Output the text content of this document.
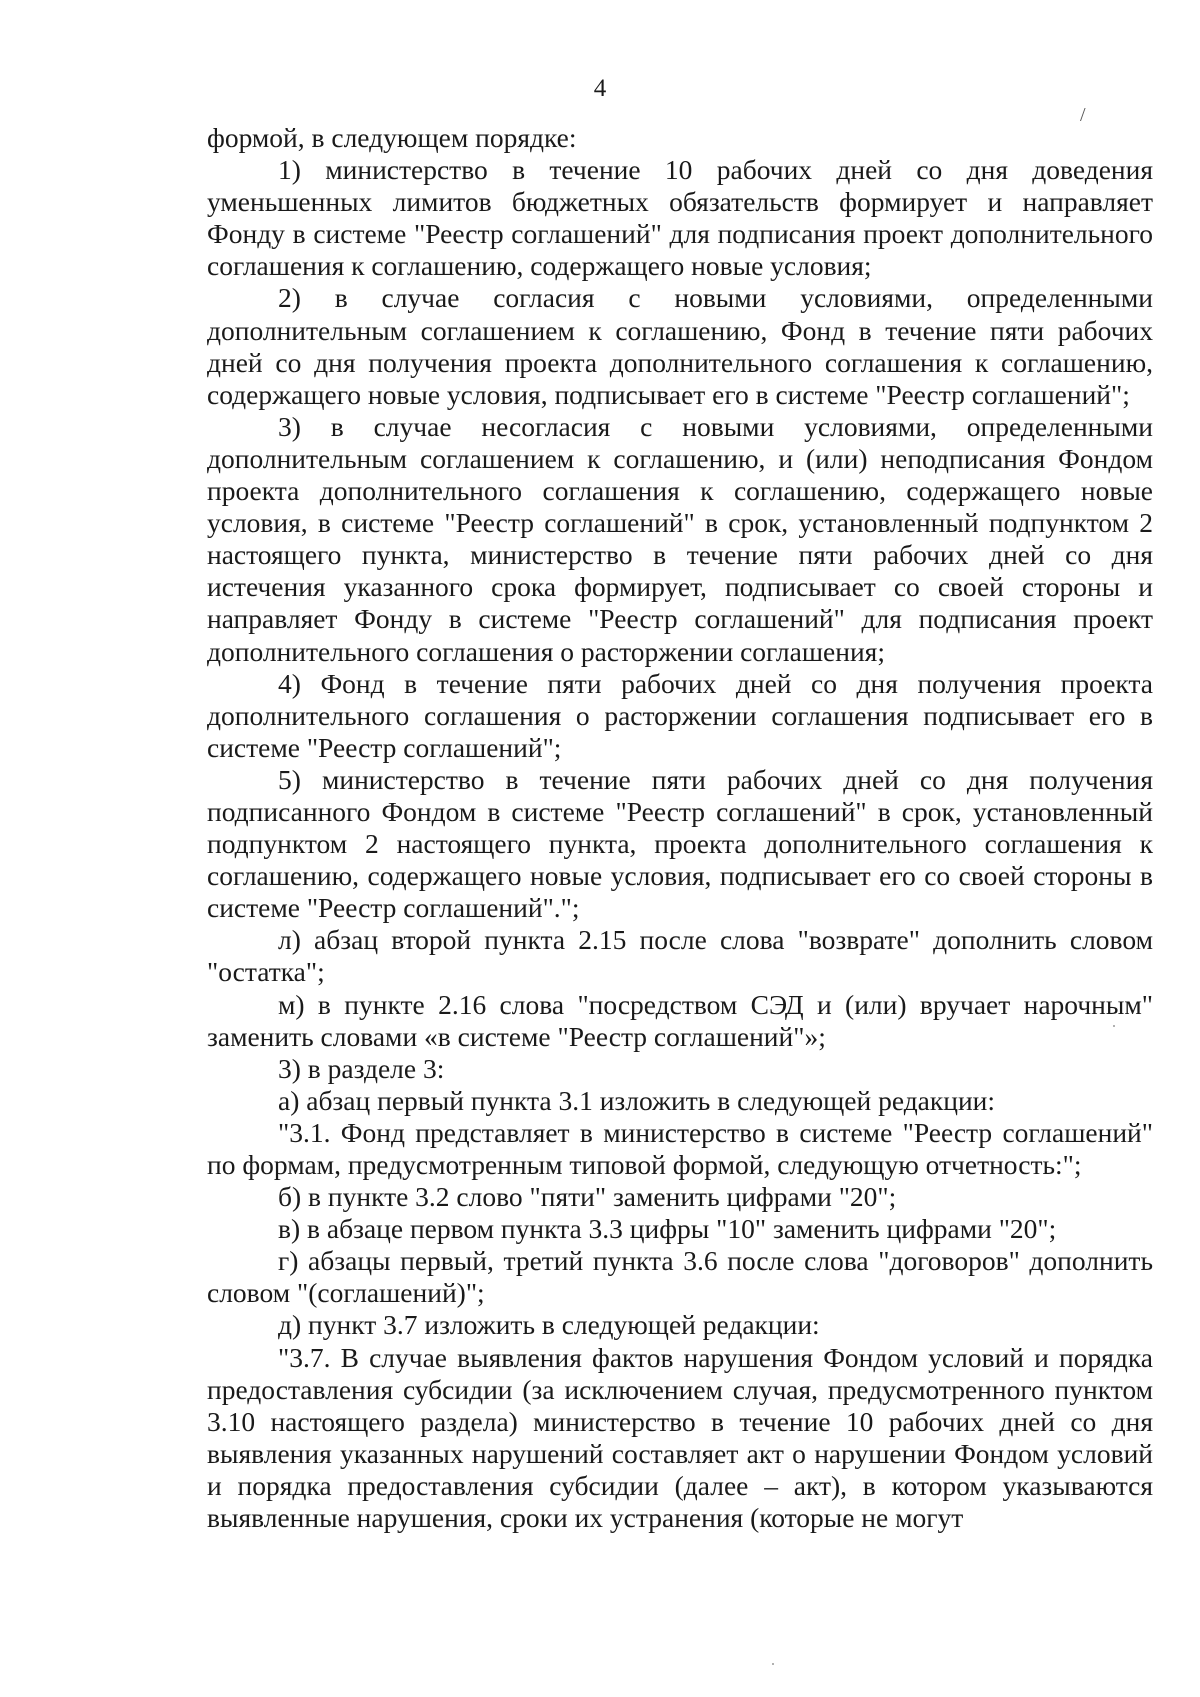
4
/

формой, в следующем порядке:

1) министерство в течение 10 рабочих дней со дня доведения уменьшенных лимитов бюджетных обязательств формирует и направляет Фонду в системе "Реестр соглашений" для подписания проект дополнительного соглашения к соглашению, содержащего новые условия;

2) в случае согласия с новыми условиями, определенными дополнительным соглашением к соглашению, Фонд в течение пяти рабочих дней со дня получения проекта дополнительного соглашения к соглашению, содержащего новые условия, подписывает его в системе "Реестр соглашений";

3) в случае несогласия с новыми условиями, определенными дополнительным соглашением к соглашению, и (или) неподписания Фондом проекта дополнительного соглашения к соглашению, содержащего новые условия, в системе "Реестр соглашений" в срок, установленный подпунктом 2 настоящего пункта, министерство в течение пяти рабочих дней со дня истечения указанного срока формирует, подписывает со своей стороны и направляет Фонду в системе "Реестр соглашений" для подписания проект дополнительного соглашения о расторжении соглашения;

4) Фонд в течение пяти рабочих дней со дня получения проекта дополнительного соглашения о расторжении соглашения подписывает его в системе "Реестр соглашений";

5) министерство в течение пяти рабочих дней со дня получения подписанного Фондом в системе "Реестр соглашений" в срок, установленный подпунктом 2 настоящего пункта, проекта дополнительного соглашения к соглашению, содержащего новые условия, подписывает его со своей стороны в системе "Реестр соглашений".";

л) абзац второй пункта 2.15 после слова "возврате" дополнить словом "остатка";

м) в пункте 2.16 слова "посредством СЭД и (или) вручает нарочным" заменить словами «в системе "Реестр соглашений"»;

3) в разделе 3:

а) абзац первый пункта 3.1 изложить в следующей редакции:

"3.1. Фонд представляет в министерство в системе "Реестр соглашений" по формам, предусмотренным типовой формой, следующую отчетность:";

б) в пункте 3.2 слово "пяти" заменить цифрами "20";

в) в абзаце первом пункта 3.3 цифры "10" заменить цифрами "20";

г) абзацы первый, третий пункта 3.6 после слова "договоров" дополнить словом "(соглашений)";

д) пункт 3.7 изложить в следующей редакции:

"3.7. В случае выявления фактов нарушения Фондом условий и порядка предоставления субсидии (за исключением случая, предусмотренного пунктом 3.10 настоящего раздела) министерство в течение 10 рабочих дней со дня выявления указанных нарушений составляет акт о нарушении Фондом условий и порядка предоставления субсидии (далее – акт), в котором указываются выявленные нарушения, сроки их устранения (которые не могут
